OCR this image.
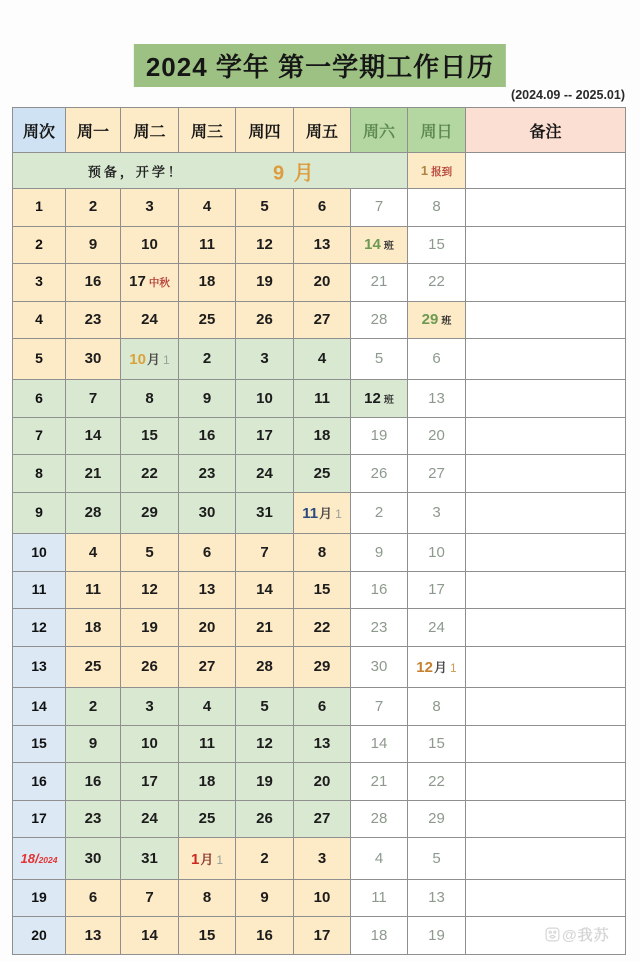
2024 学年 第一学期工作日历
(2024.09 -- 2025.01)
周次	周一	周二	周三	周四	周五	周六	周日	备注

预备，开学！ 9 月							1 报到	
1	2	3	4	5	6	7	8	
2	9	10	11	12	13	14 班	15	
3	16	17 中秋	18	19	20	21	22	
4	23	24	25	26	27	28	29 班	
5	30	10月 1	2	3	4	5	6	
6	7	8	9	10	11	12 班	13	
7	14	15	16	17	18	19	20	
8	21	22	23	24	25	26	27	
9	28	29	30	31	11月 1	2	3	
10	4	5	6	7	8	9	10	
11	11	12	13	14	15	16	17	
12	18	19	20	21	22	23	24	
13	25	26	27	28	29	30	12月 1	
14	2	3	4	5	6	7	8	
15	9	10	11	12	13	14	15	
16	16	17	18	19	20	21	22	
17	23	24	25	26	27	28	29	
18/2024	30	31	1月 1	2	3	4	5	
19	6	7	8	9	10	11	13	
20	13	14	15	16	17	18	19		@我苏
